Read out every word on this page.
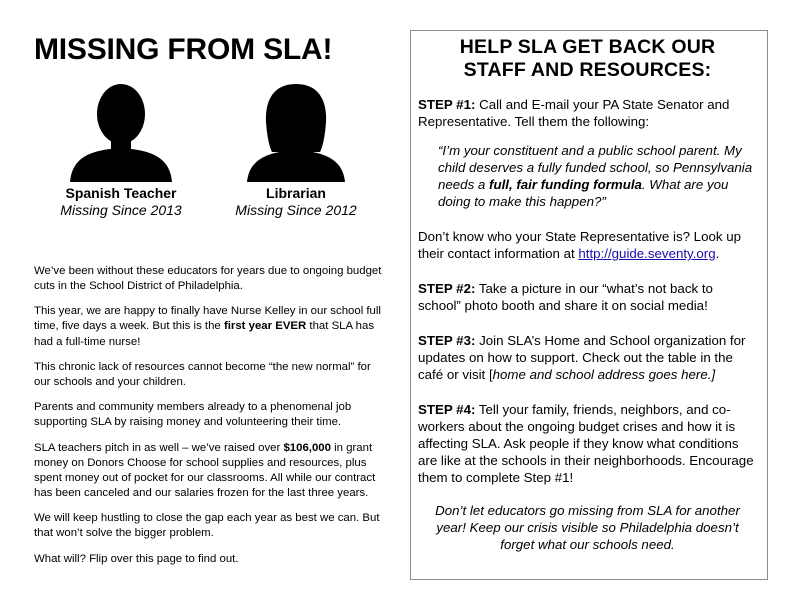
MISSING FROM SLA!
Spanish Teacher
Missing Since 2013
Librarian
Missing Since 2012

We’ve been without these educators for years due to ongoing budget cuts in the School District of Philadelphia.

This year, we are happy to finally have Nurse Kelley in our school full time, five days a week. But this is the first year EVER that SLA has had a full-time nurse!

This chronic lack of resources cannot become “the new normal” for our schools and your children.

Parents and community members already to a phenomenal job supporting SLA by raising money and volunteering their time.

SLA teachers pitch in as well – we’ve raised over $106,000 in grant money on Donors Choose for school supplies and resources, plus spent money out of pocket for our classrooms. All while our contract has been canceled and our salaries frozen for the last three years.

We will keep hustling to close the gap each year as best we can. But that won’t solve the bigger problem.

What will? Flip over this page to find out.

HELP SLA GET BACK OUR
STAFF AND RESOURCES:

STEP #1: Call and E-mail your PA State Senator and Representative. Tell them the following:

“I’m your constituent and a public school parent. My child deserves a fully funded school, so Pennsylvania needs a full, fair funding formula. What are you doing to make this happen?”

Don’t know who your State Representative is? Look up their contact information at http://guide.seventy.org.

STEP #2: Take a picture in our “what’s not back to school” photo booth and share it on social media!

STEP #3: Join SLA’s Home and School organization for updates on how to support. Check out the table in the café or visit [home and school address goes here.]

STEP #4: Tell your family, friends, neighbors, and co-workers about the ongoing budget crises and how it is affecting SLA. Ask people if they know what conditions are like at the schools in their neighborhoods. Encourage them to complete Step #1!

Don’t let educators go missing from SLA for another year! Keep our crisis visible so Philadelphia doesn’t forget what our schools need.
